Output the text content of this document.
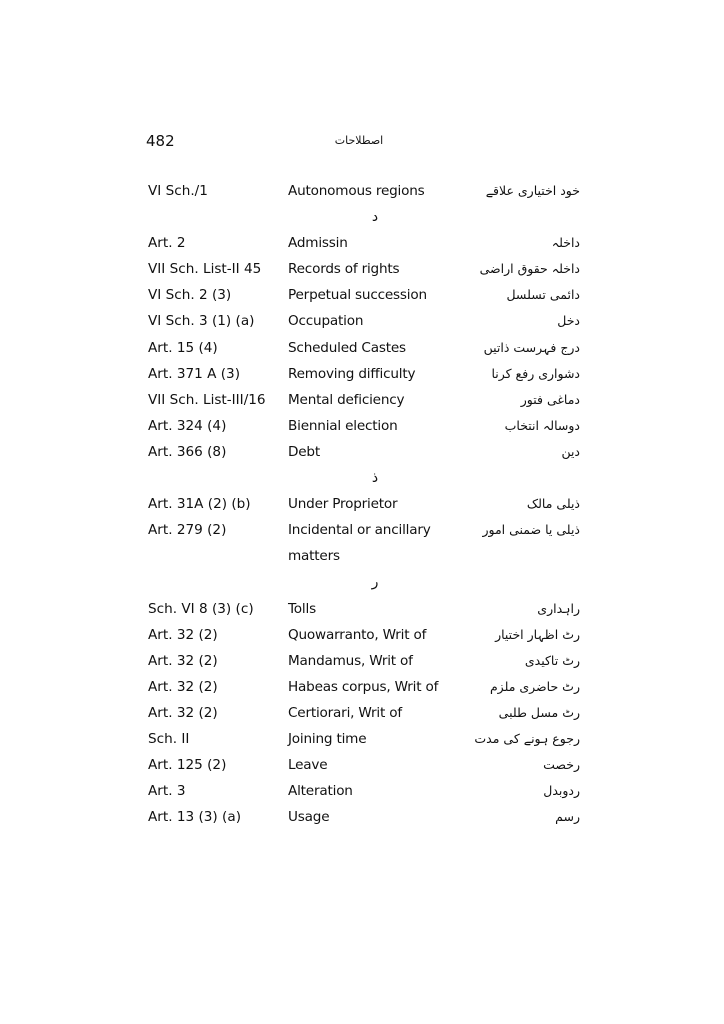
482	اصطلاحات
VI Sch./1	Autonomous regions	خود اختیاری علاقے
د
Art. 2	Admissin	داخلہ
VII Sch. List-II 45 Records of rights	داخلہ حقوق اراضی
VI Sch. 2 (3)	Perpetual succession	دائمی تسلسل
VI Sch. 3 (1) (a) Occupation	دخل
Art. 15 (4)	Scheduled Castes	درج فہرست ذاتیں
Art. 371 A (3)	Removing difficulty	دشواری رفع کرنا
VII Sch. List-III/16 Mental deficiency	دماغی فتور
Art. 324 (4)	Biennial election	دوسالہ انتخاب
Art. 366 (8)	Debt	دین
ذ
Art. 31A (2) (b)	Under Proprietor	ذیلی مالک
Art. 279 (2)	Incidental or ancillary	ذیلی یا ضمنی امور
matters
ر
Sch. VI 8 (3) (c)	Tolls	راہداری
Art. 32 (2)	Quowarranto, Writ of	رٹ اظہار اختیار
Art. 32 (2)	Mandamus, Writ of	رٹ تاکیدی
Art. 32 (2)	Habeas corpus, Writ of	رٹ حاضری ملزم
Art. 32 (2)	Certiorari, Writ of	رٹ مسل طلبی
Sch. II	Joining time	رجوع ہونے کی مدت
Art. 125 (2)	Leave	رخصت
Art. 3	Alteration	ردوبدل
Art. 13 (3) (a)	Usage	رسم
